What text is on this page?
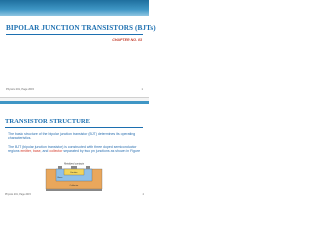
BIPOLAR JUNCTION TRANSISTORS (BJTs)
CHAPTER NO. 03
Physics 201, Page 2015	1
TRANSISTOR STRUCTURE
The basic structure of the bipolar junction transistor (BJT) determines its operating characteristics.
The BJT (bipolar junction transistor) is constructed with three doped semiconductor regions emitter, base, and collector separated by two pn junctions as shown in Figure
Metalized contacts
Emitter
Base
Collector
Physics 201, Page 2015	2
